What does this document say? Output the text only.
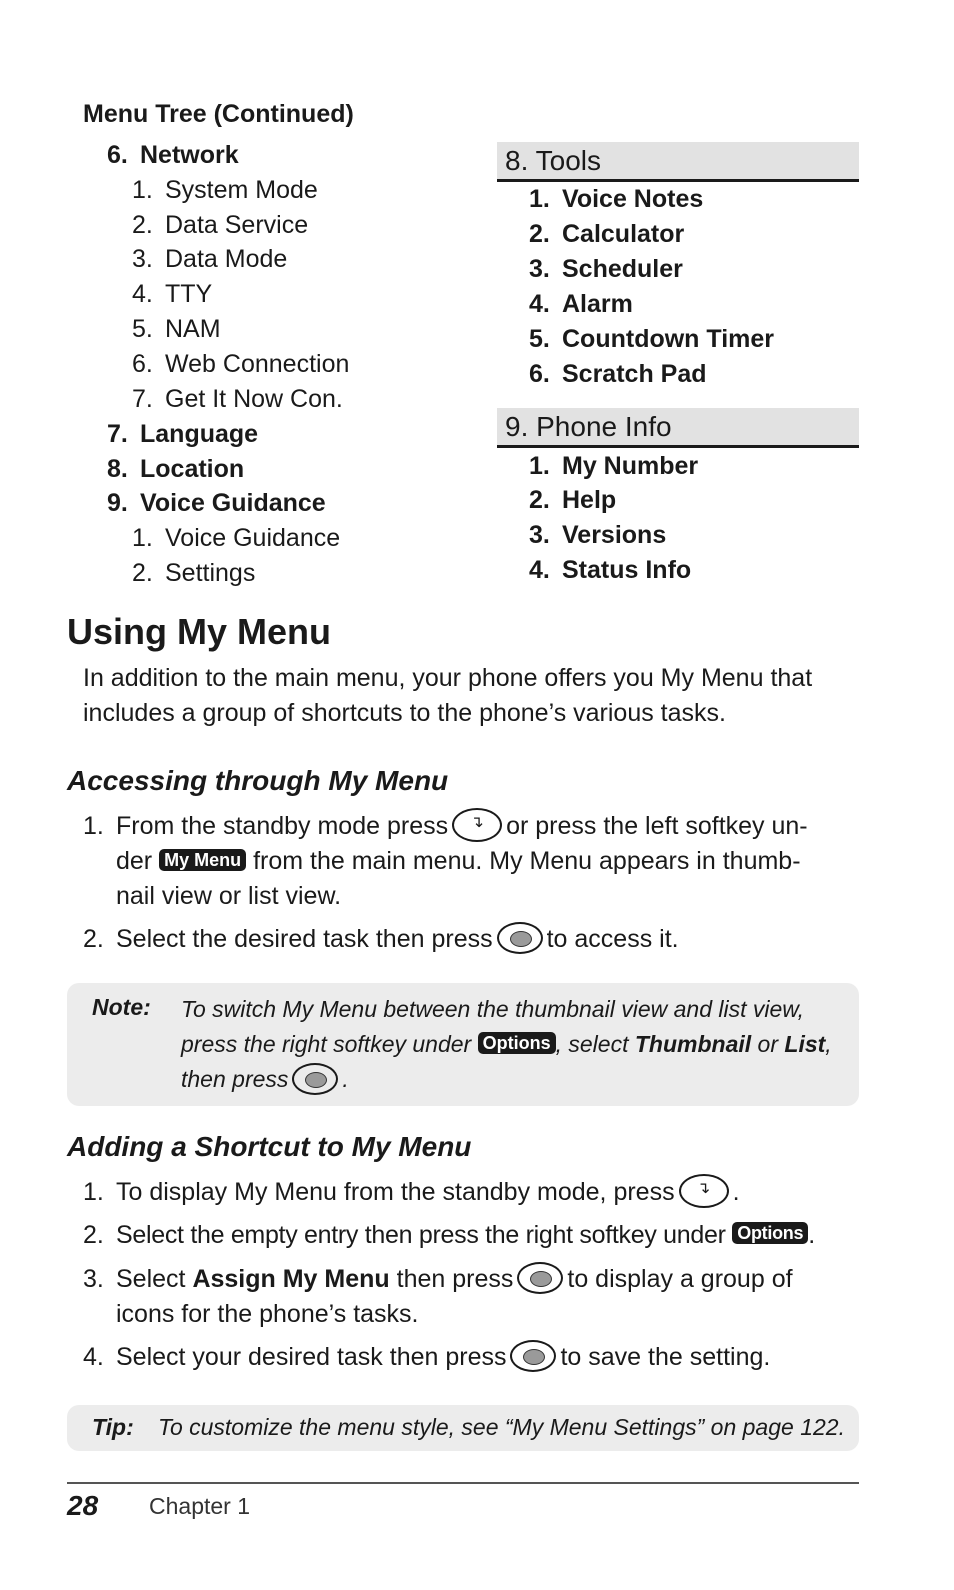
Menu Tree (Continued)
6. Network
1. System Mode
2. Data Service
3. Data Mode
4. TTY
5. NAM
6. Web Connection
7. Get It Now Con.
7. Language
8. Location
9. Voice Guidance
1. Voice Guidance
2. Settings
8. Tools
1. Voice Notes
2. Calculator
3. Scheduler
4. Alarm
5. Countdown Timer
6. Scratch Pad
9. Phone Info
1. My Number
2. Help
3. Versions
4. Status Info
Using My Menu
In addition to the main menu, your phone offers you My Menu that
includes a group of shortcuts to the phone’s various tasks.
Accessing through My Menu
1. From the standby mode press ↴ or press the left softkey un-
der My Menu from the main menu. My Menu appears in thumb-
nail view or list view.
2. Select the desired task then press to access it.
Note: To switch My Menu between the thumbnail view and list view,
press the right softkey under Options , select Thumbnail or List,
then press .
Adding a Shortcut to My Menu
1. To display My Menu from the standby mode, press ↴ .
2. Select the empty entry then press the right softkey under Options .
3. Select Assign My Menu then press to display a group of
icons for the phone’s tasks.
4. Select your desired task then press to save the setting.
Tip: To customize the menu style, see “My Menu Settings” on page 122.
28 Chapter 1
